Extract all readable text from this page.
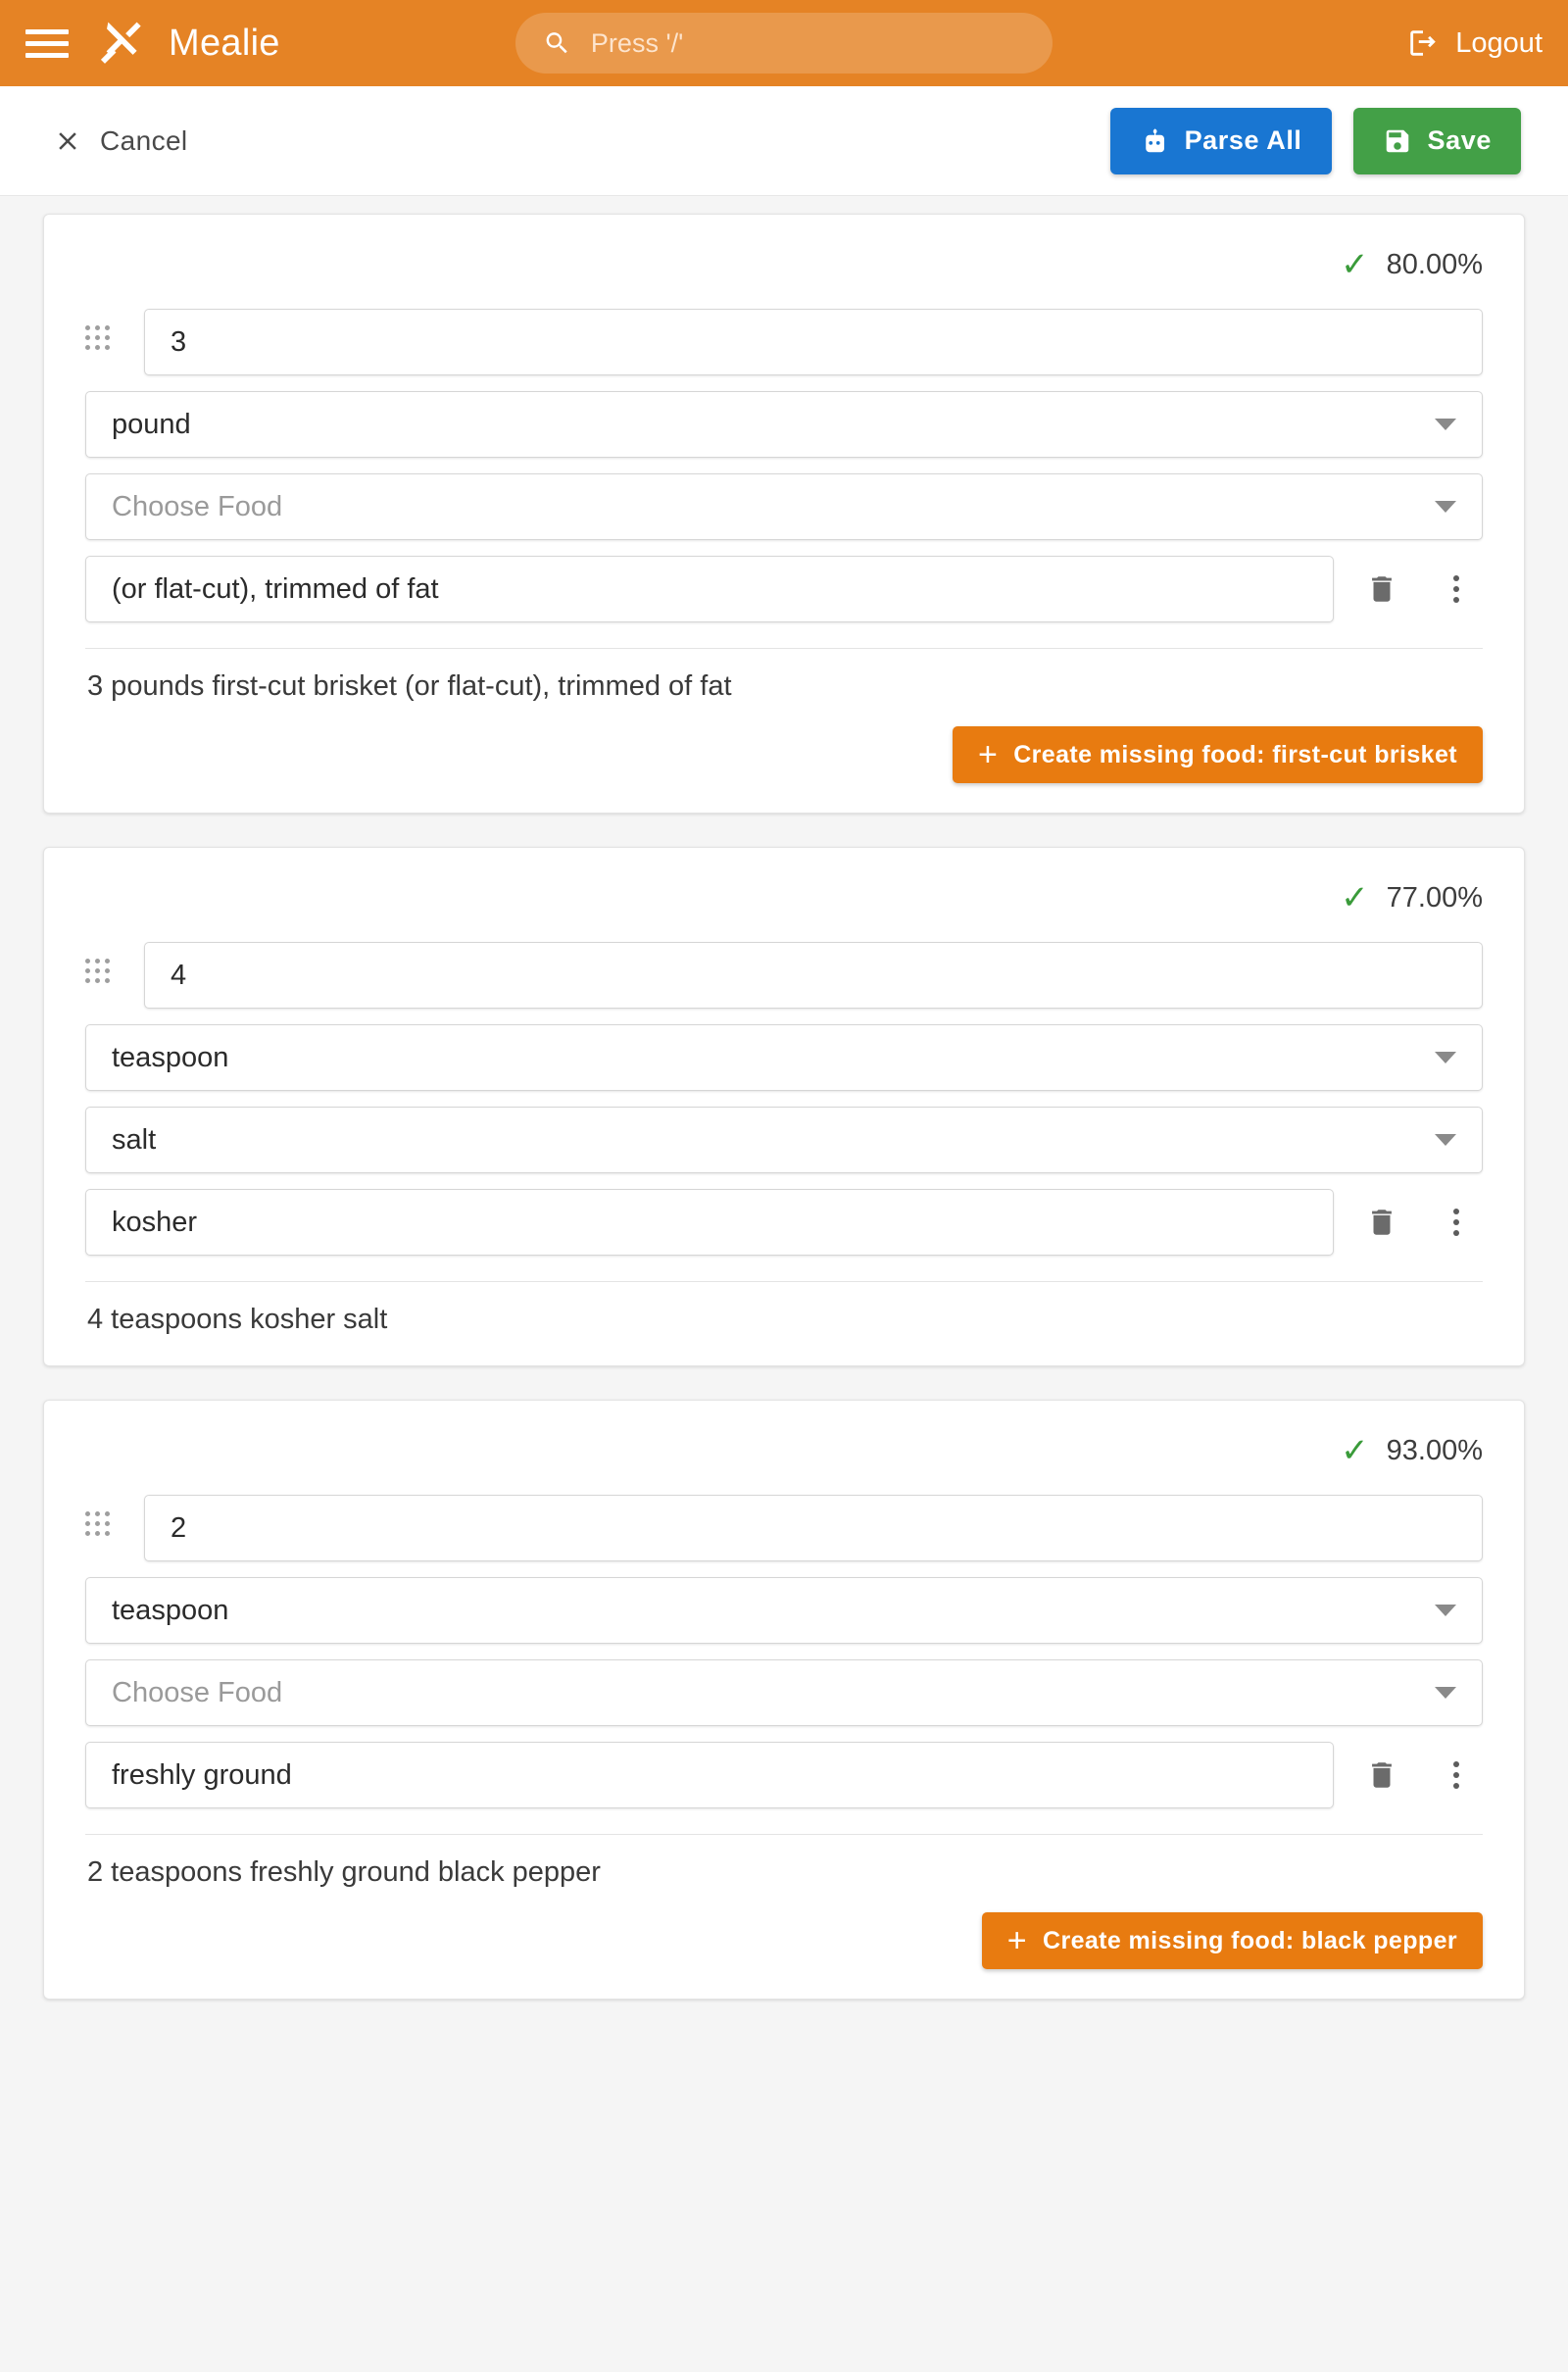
Mealie
Press '/'	Logout
Cancel	Parse All	Save
✓ 80.00%
3
pound
Choose Food
(or flat-cut), trimmed of fat
3 pounds first-cut brisket (or flat-cut), trimmed of fat
+ Create missing food: first-cut brisket
✓ 77.00%
4
teaspoon
salt
kosher
4 teaspoons kosher salt
✓ 93.00%
2
teaspoon
Choose Food
freshly ground
2 teaspoons freshly ground black pepper
+ Create missing food: black pepper
